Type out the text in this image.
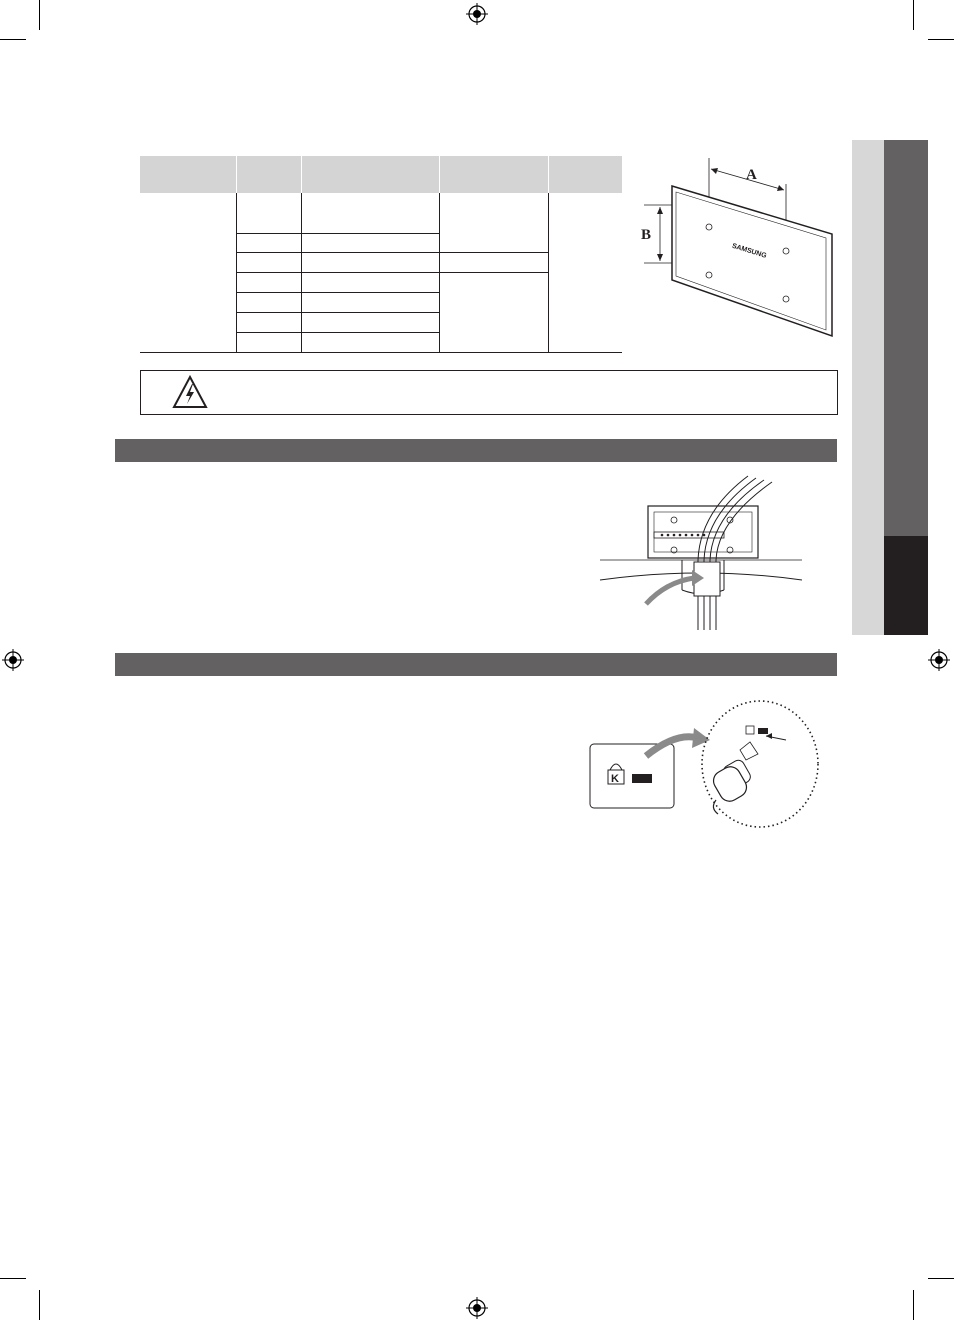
A
B
SAMSUNG
K
